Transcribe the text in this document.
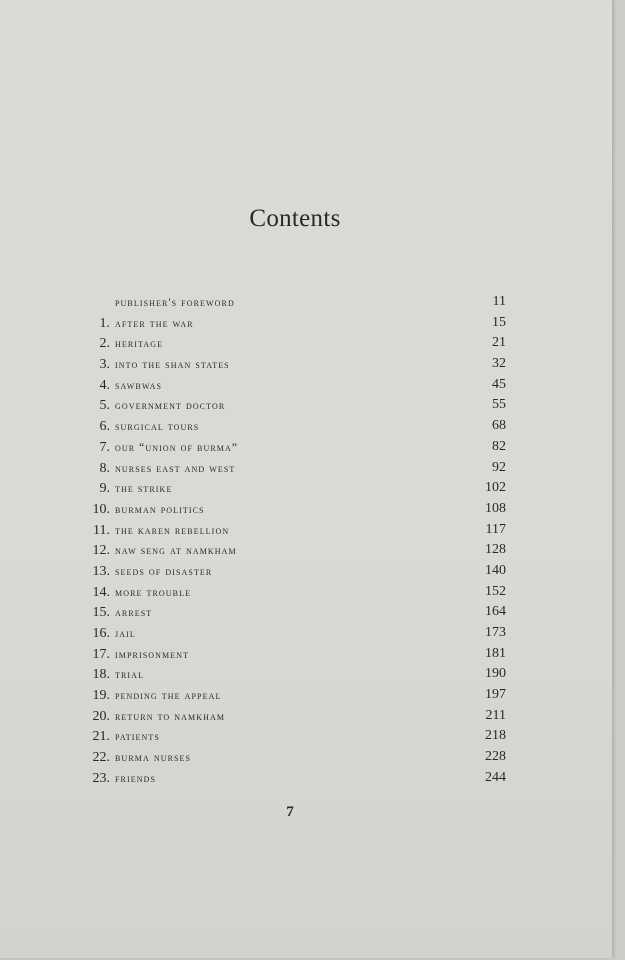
Contents
publisher's foreword	11
1. after the war	15
2. heritage	21
3. into the shan states	32
4. sawbwas	45
5. government doctor	55
6. surgical tours	68
7. our “union of burma”	82
8. nurses east and west	92
9. the strike	102
10. burman politics	108
11. the karen rebellion	117
12. naw seng at namkham	128
13. seeds of disaster	140
14. more trouble	152
15. arrest	164
16. jail	173
17. imprisonment	181
18. trial	190
19. pending the appeal	197
20. return to namkham	211
21. patients	218
22. burma nurses	228
23. friends	244
7
